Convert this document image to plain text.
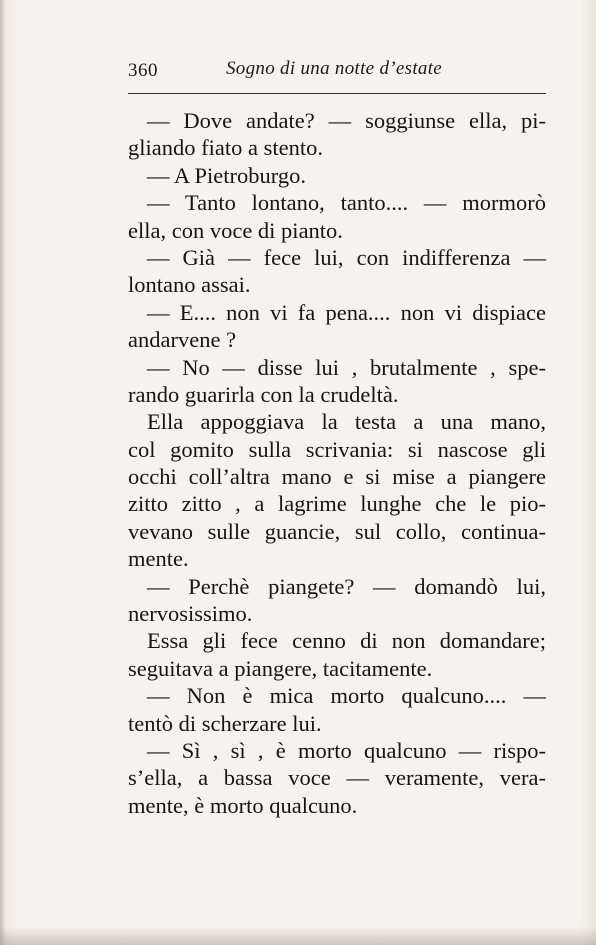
360	Sogno di una notte d’estate
— Dove andate? — soggiunse ella, pi-
gliando fiato a stento.
— A Pietroburgo.
— Tanto lontano, tanto.... — mormorò
ella, con voce di pianto.
— Già — fece lui, con indifferenza —
lontano assai.
— E.... non vi fa pena.... non vi dispiace
andarvene ?
— No — disse lui , brutalmente , spe-
rando guarirla con la crudeltà.
Ella appoggiava la testa a una mano,
col gomito sulla scrivania: si nascose gli
occhi coll’altra mano e si mise a piangere
zitto zitto , a lagrime lunghe che le pio-
vevano sulle guancie, sul collo, continua-
mente.
— Perchè piangete? — domandò lui,
nervosissimo.
Essa gli fece cenno di non domandare;
seguitava a piangere, tacitamente.
— Non è mica morto qualcuno.... —
tentò di scherzare lui.
— Sì , sì , è morto qualcuno — rispo-
s’ella, a bassa voce — veramente, vera-
mente, è morto qualcuno.
